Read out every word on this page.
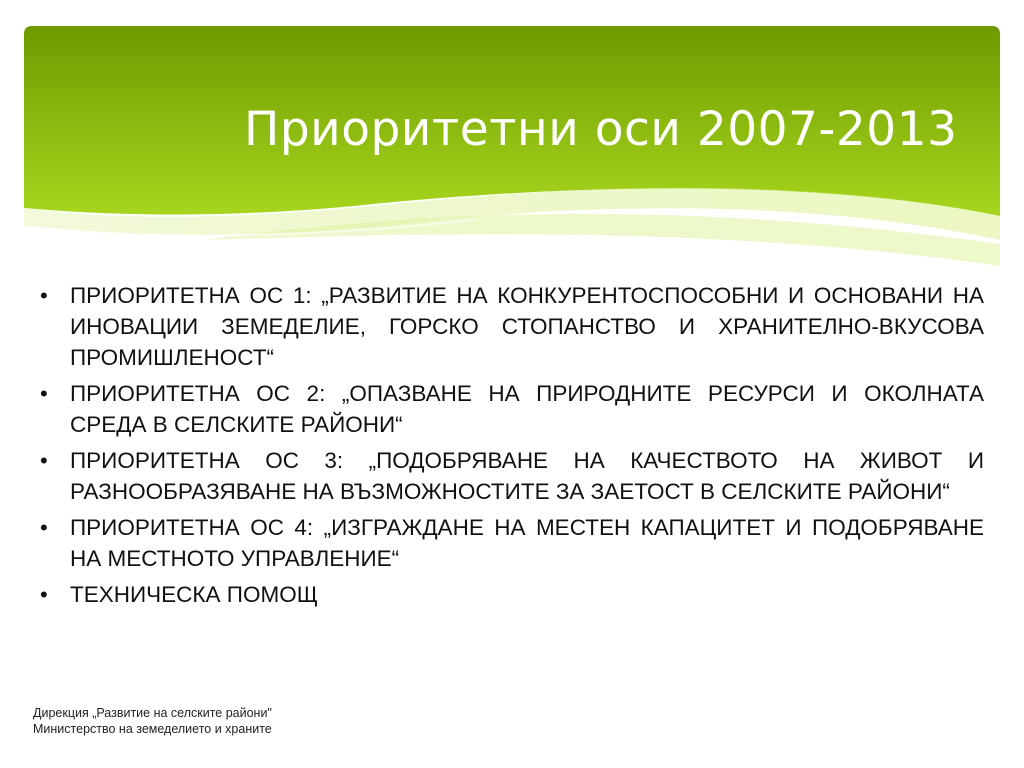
Приоритетни оси 2007-2013
• ПРИОРИТЕТНА ОС 1: „РАЗВИТИЕ НА КОНКУРЕНТОСПОСОБНИ И ОСНОВАНИ НА ИНОВАЦИИ ЗЕМЕДЕЛИЕ, ГОРСКО СТОПАНСТВО И ХРАНИТЕЛНО-ВКУСОВА ПРОМИШЛЕНОСТ“
• ПРИОРИТЕТНА ОС 2: „ОПАЗВАНЕ НА ПРИРОДНИТЕ РЕСУРСИ И ОКОЛНАТА СРЕДА В СЕЛСКИТЕ РАЙОНИ“
• ПРИОРИТЕТНА ОС 3: „ПОДОБРЯВАНЕ НА КАЧЕСТВОТО НА ЖИВОТ И РАЗНООБРАЗЯВАНЕ НА ВЪЗМОЖНОСТИТЕ ЗА ЗАЕТОСТ В СЕЛСКИТЕ РАЙОНИ“
• ПРИОРИТЕТНА ОС 4: „ИЗГРАЖДАНЕ НА МЕСТЕН КАПАЦИТЕТ И ПОДОБРЯВАНЕ НА МЕСТНОТО УПРАВЛЕНИЕ“
• ТЕХНИЧЕСКА ПОМОЩ
Дирекция „Развитие на селските райони"
Министерство на земеделието и храните
